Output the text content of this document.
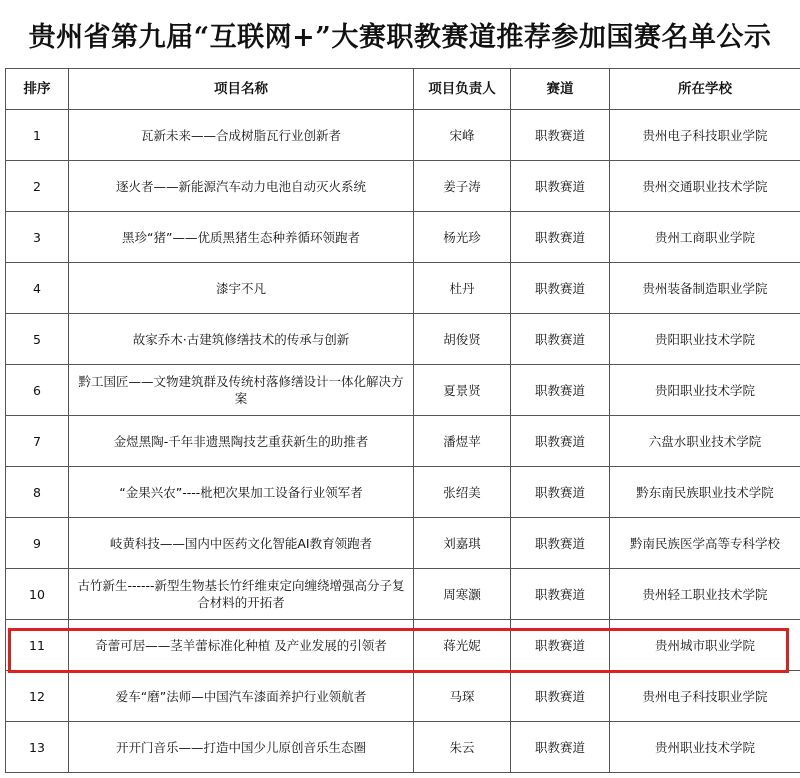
贵州省第九届“互联网+”大赛职教赛道推荐参加国赛名单公示
排序	项目名称	项目负责人	赛道	所在学校
1	瓦新未来——合成树脂瓦行业创新者	宋峰	职教赛道	贵州电子科技职业学院
2	逐火者——新能源汽车动力电池自动灭火系统	姜子涛	职教赛道	贵州交通职业技术学院
3	黑珍“猪”——优质黑猪生态种养循环领跑者	杨光珍	职教赛道	贵州工商职业学院
4	漆宇不凡	杜丹	职教赛道	贵州装备制造职业学院
5	故家乔木·古建筑修缮技术的传承与创新	胡俊贤	职教赛道	贵阳职业技术学院
6	黔工国匠——文物建筑群及传统村落修缮设计一体化解决方案	夏景贤	职教赛道	贵阳职业技术学院
7	金煜黑陶-千年非遗黑陶技艺重获新生的助推者	潘煜苹	职教赛道	六盘水职业技术学院
8	“金果兴农”----枇杷次果加工设备行业领军者	张绍美	职教赛道	黔东南民族职业技术学院
9	岐黄科技——国内中医药文化智能AI教育领跑者	刘嘉琪	职教赛道	黔南民族医学高等专科学校
10	古竹新生------新型生物基长竹纤维束定向缠绕增强高分子复合材料的开拓者	周寒灏	职教赛道	贵州轻工职业技术学院
11	奇蕾可居——茎羊蕾标准化种植 及产业发展的引领者	蒋光妮	职教赛道	贵州城市职业学院
12	爱车“磨”法师—中国汽车漆面养护行业领航者	马琛	职教赛道	贵州电子科技职业学院
13	开开门音乐——打造中国少儿原创音乐生态圈	朱云	职教赛道	贵州职业技术学院
